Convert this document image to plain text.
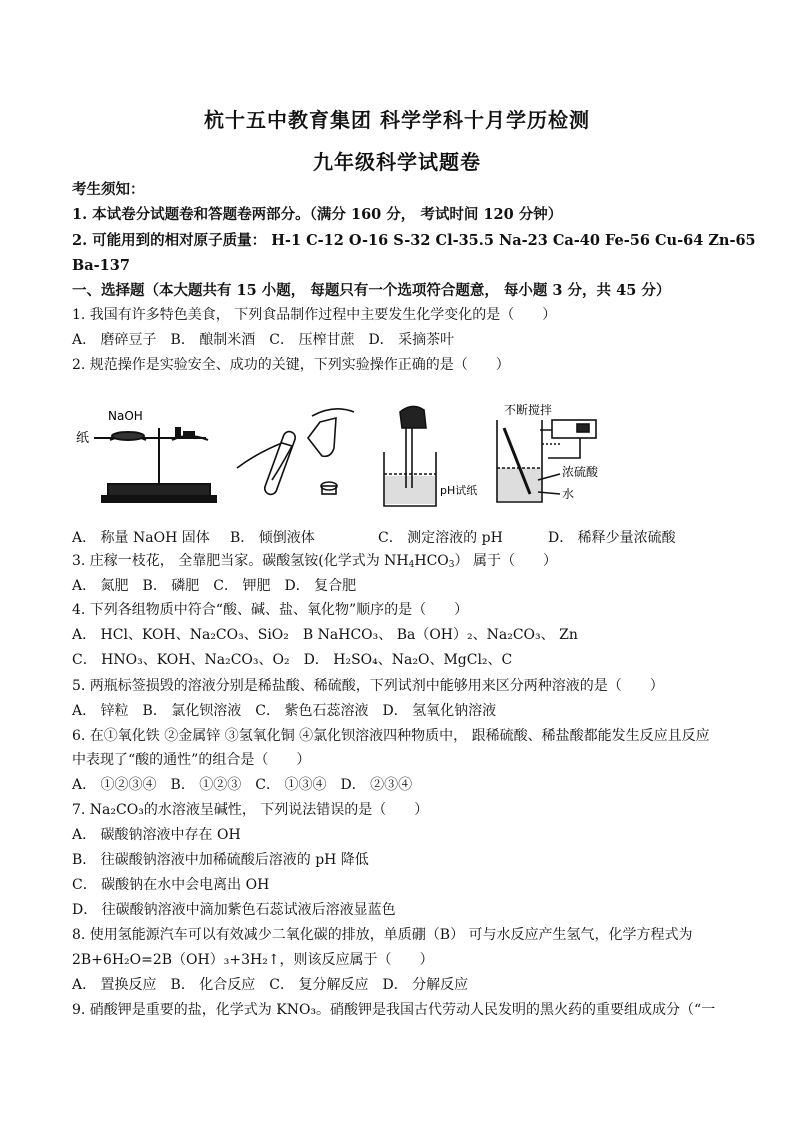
杭十五中教育集团 科学学科十月学历检测
九年级科学试题卷
考生须知：
1. 本试卷分试题卷和答题卷两部分。（满分 160 分， 考试时间 120 分钟）
2. 可能用到的相对原子质量： H-1 C-12 O-16 S-32 Cl-35.5 Na-23 Ca-40 Fe-56 Cu-64 Zn-65
Ba-137
一、选择题（本大题共有 15 小题， 每题只有一个选项符合题意， 每小题 3 分，共 45 分）
1. 我国有许多特色美食， 下列食品制作过程中主要发生化学变化的是（　　）
A． 磨碎豆子　B． 酿制米酒　C． 压榨甘蔗　D． 采摘茶叶
2. 规范操作是实验安全、成功的关键，下列实验操作正确的是（　　）
NaOH
纸
pH试纸
不断搅拌
浓硫酸
水
A． 称量 NaOH 固体 B． 倾倒液体	C． 测定溶液的 pH	D． 稀释少量浓硫酸
3. 庄稼一枝花， 全靠肥当家。碳酸氢铵(化学式为 $NH_4HCO_3$） 属于（　　）
A． 氮肥　B． 磷肥　C． 钾肥　D． 复合肥
4. 下列各组物质中符合“酸、碱、盐、氧化物”顺序的是（　　）
A． HCl、KOH、Na₂CO₃、SiO₂　B NaHCO₃、 Ba（OH）₂、Na₂CO₃、 Zn
C． HNO₃、KOH、Na₂CO₃、O₂　D． H₂SO₄、Na₂O、MgCl₂、C
5. 两瓶标签损毁的溶液分别是稀盐酸、稀硫酸，下列试剂中能够用来区分两种溶液的是（　　）
A． 锌粒　B． 氯化钡溶液　C． 紫色石蕊溶液　D． 氢氧化钠溶液
6. 在①氧化铁 ②金属锌 ③氢氧化铜 ④氯化钡溶液四种物质中， 跟稀硫酸、稀盐酸都能发生反应且反应
中表现了“酸的通性”的组合是（　　）
A． ①②③④　B． ①②③　C． ①③④　D． ②③④
7. Na₂CO₃的水溶液呈碱性， 下列说法错误的是（　　）
A． 碳酸钠溶液中存在 OH
B． 往碳酸钠溶液中加稀硫酸后溶液的 pH 降低
C． 碳酸钠在水中会电离出 OH
D． 往碳酸钠溶液中滴加紫色石蕊试液后溶液显蓝色
8. 使用氢能源汽车可以有效减少二氧化碳的排放，单质硼（B） 可与水反应产生氢气，化学方程式为
2B+6H₂O=2B（OH）₃+3H₂↑，则该反应属于（　　）
A． 置换反应　B． 化合反应　C． 复分解反应　D． 分解反应
9. 硝酸钾是重要的盐，化学式为 KNO₃。硝酸钾是我国古代劳动人民发明的黑火药的重要组成成分（“一
